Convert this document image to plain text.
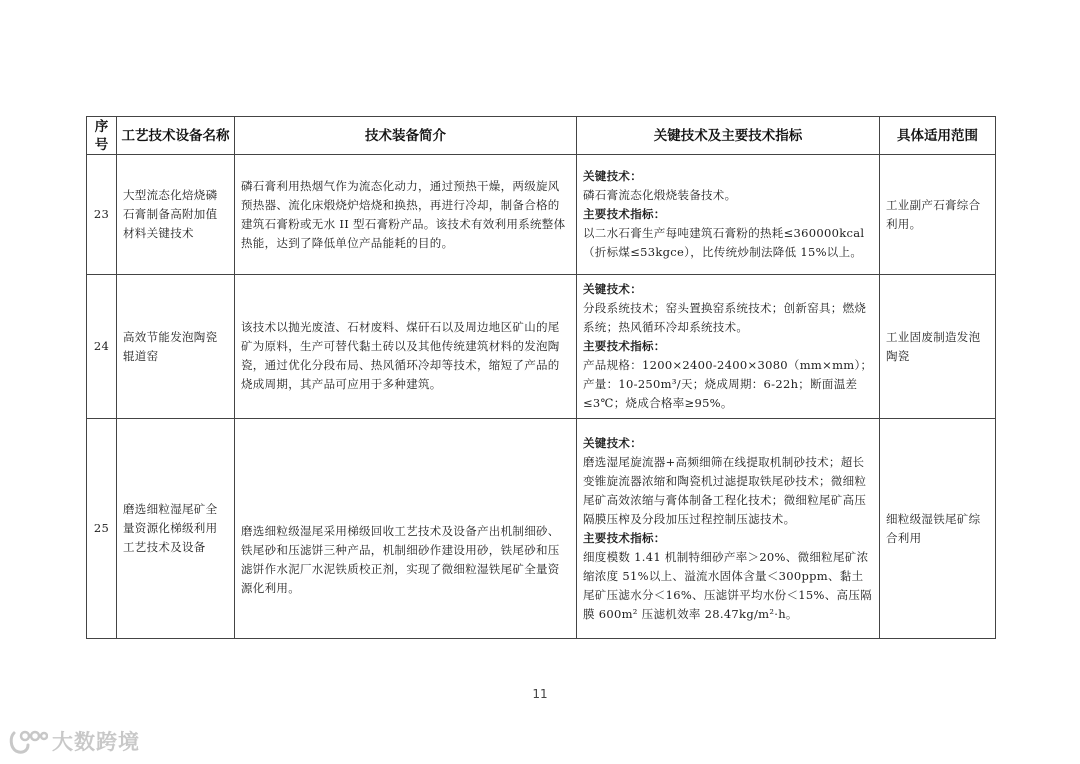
序号	工艺技术设备名称	技术装备简介	关键技术及主要技术指标	具体适用范围
23	大型流态化焙烧磷石膏制备高附加值材料关键技术	磷石膏利用热烟气作为流态化动力，通过预热干燥，两级旋风预热器、流化床煅烧炉焙烧和换热，再进行冷却，制备合格的建筑石膏粉或无水 II 型石膏粉产品。该技术有效利用系统整体热能，达到了降低单位产品能耗的目的。	关键技术：
磷石膏流态化煅烧装备技术。
主要技术指标：
以二水石膏生产每吨建筑石膏粉的热耗≤360000kcal（折标煤≤53kgce），比传统炒制法降低 15%以上。	工业副产石膏综合利用。
24	高效节能发泡陶瓷辊道窑	该技术以抛光废渣、石材废料、煤矸石以及周边地区矿山的尾矿为原料，生产可替代黏土砖以及其他传统建筑材料的发泡陶瓷，通过优化分段布局、热风循环冷却等技术，缩短了产品的烧成周期，其产品可应用于多种建筑。	关键技术：
分段系统技术；窑头置换窑系统技术；创新窑具；燃烧系统；热风循环冷却系统技术。
主要技术指标：
产品规格：1200×2400-2400×3080（mm×mm）；产量：10-250m³/天；烧成周期：6-22h；断面温差≤3℃；烧成合格率≥95%。	工业固废制造发泡陶瓷
25	磨选细粒湿尾矿全量资源化梯级利用工艺技术及设备	磨选细粒级湿尾采用梯级回收工艺技术及设备产出机制细砂、铁尾砂和压滤饼三种产品，机制细砂作建设用砂，铁尾砂和压滤饼作水泥厂水泥铁质校正剂，实现了微细粒湿铁尾矿全量资源化利用。	关键技术：
磨选湿尾旋流器+高频细筛在线提取机制砂技术；超长变锥旋流器浓缩和陶瓷机过滤提取铁尾砂技术；微细粒尾矿高效浓缩与膏体制备工程化技术；微细粒尾矿高压隔膜压榨及分段加压过程控制压滤技术。
主要技术指标：
细度模数 1.41 机制特细砂产率＞20%、微细粒尾矿浓缩浓度 51%以上、溢流水固体含量＜300ppm、黏土尾矿压滤水分＜16%、压滤饼平均水份＜15%、高压隔膜 600m² 压滤机效率 28.47kg/m²·h。	细粒级湿铁尾矿综合利用
11
大数跨境
